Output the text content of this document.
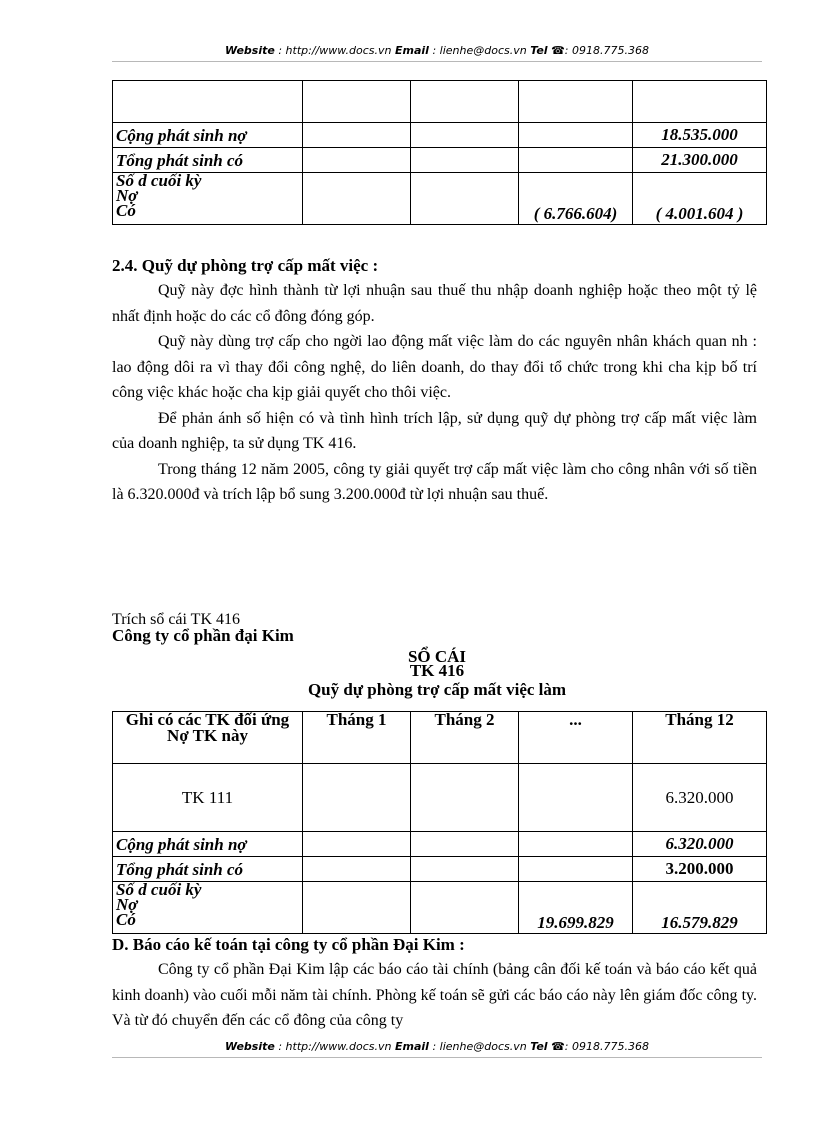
Website : http://www.docs.vn Email : lienhe@docs.vn Tel ☎: 0918.775.368

Cộng phát sinh nợ				18.535.000
Tổng phát sinh có				21.300.000

Số d cuối kỳ
Nợ
Có			( 6.766.604)	( 4.001.604 )
2.4. Quỹ dự phòng trợ cấp mất việc :

Quỹ này đợc hình thành từ lợi nhuận sau thuế thu nhập doanh nghiệp hoặc theo một tỷ lệ nhất định hoặc do các cổ đông đóng góp.

Quỹ này dùng trợ cấp cho ngời lao động mất việc làm do các nguyên nhân khách quan nh : lao động dôi ra vì thay đổi công nghệ, do liên doanh, do thay đổi tổ chức trong khi cha kịp bố trí công việc khác hoặc cha kịp giải quyết cho thôi việc.

Để phản ánh số hiện có và tình hình trích lập, sử dụng quỹ dự phòng trợ cấp mất việc làm của doanh nghiệp, ta sử dụng TK 416.

Trong tháng 12 năm 2005, công ty giải quyết trợ cấp mất việc làm cho công nhân với số tiền là 6.320.000đ và trích lập bổ sung 3.200.000đ từ lợi nhuận sau thuế.

Trích sổ cái TK 416
Công ty cổ phần đại Kim
SỔ CÁI
TK 416
Quỹ dự phòng trợ cấp mất việc làm
Ghi có các TK đối ứng Nợ TK này	Tháng 1	Tháng 2	...	Tháng 12
TK 111				6.320.000
Cộng phát sinh nợ				6.320.000
Tổng phát sinh có				3.200.000

Số d cuối kỳ
Nợ
Có			19.699.829	16.579.829
D. Báo cáo kế toán tại công ty cổ phần Đại Kim :

Công ty cổ phần Đại Kim lập các báo cáo tài chính (bảng cân đối kế toán và báo cáo kết quả kinh doanh) vào cuối mỗi năm tài chính. Phòng kế toán sẽ gửi các báo cáo này lên giám đốc công ty. Và từ đó chuyển đến các cổ đông của công ty

Website : http://www.docs.vn Email : lienhe@docs.vn Tel ☎: 0918.775.368
